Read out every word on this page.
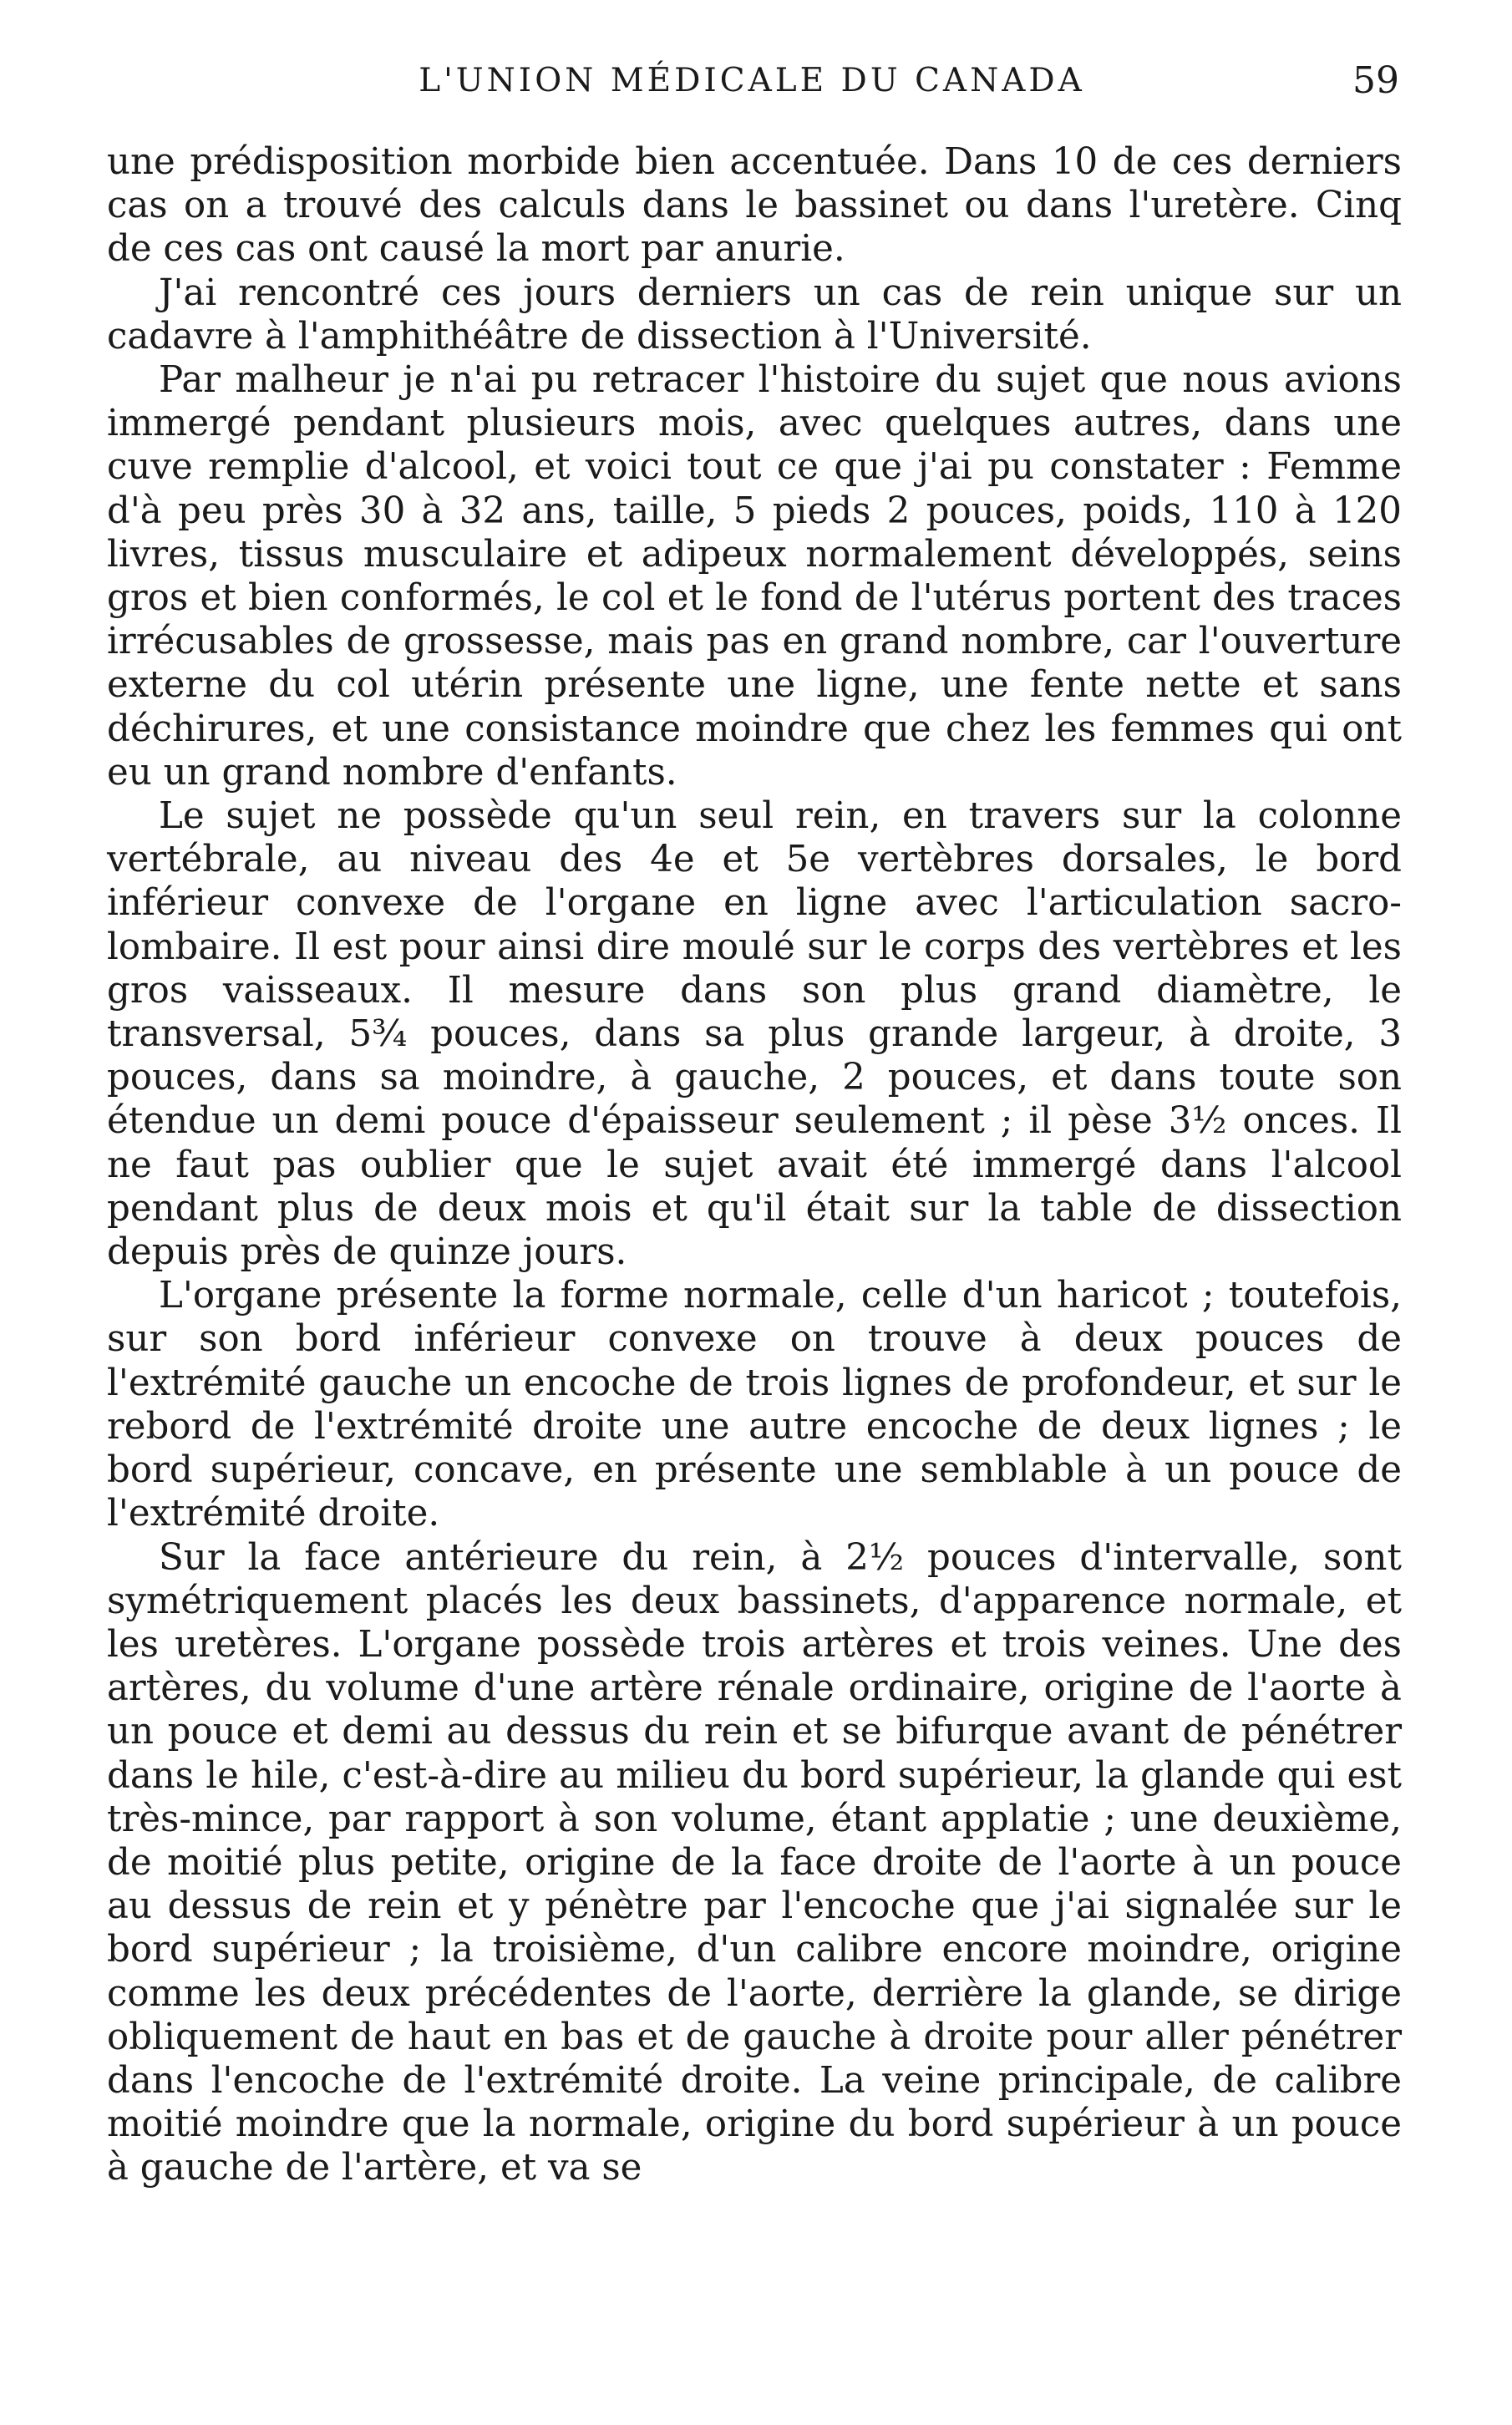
L'UNION MÉDICALE DU CANADA	59

une prédisposition morbide bien accentuée. Dans 10 de ces derniers cas on a trouvé des calculs dans le bassinet ou dans l'uretère. Cinq de ces cas ont causé la mort par anurie.

J'ai rencontré ces jours derniers un cas de rein unique sur un cadavre à l'amphithéâtre de dissection à l'Université.

Par malheur je n'ai pu retracer l'histoire du sujet que nous avions immergé pendant plusieurs mois, avec quelques autres, dans une cuve remplie d'alcool, et voici tout ce que j'ai pu constater : Femme d'à peu près 30 à 32 ans, taille, 5 pieds 2 pouces, poids, 110 à 120 livres, tissus musculaire et adipeux normalement développés, seins gros et bien conformés, le col et le fond de l'utérus portent des traces irrécusables de grossesse, mais pas en grand nombre, car l'ouverture externe du col utérin présente une ligne, une fente nette et sans déchirures, et une consistance moindre que chez les femmes qui ont eu un grand nombre d'enfants.

Le sujet ne possède qu'un seul rein, en travers sur la colonne vertébrale, au niveau des 4e et 5e vertèbres dorsales, le bord inférieur convexe de l'organe en ligne avec l'articulation sacro-lombaire. Il est pour ainsi dire moulé sur le corps des vertèbres et les gros vaisseaux. Il mesure dans son plus grand diamètre, le transversal, 5¾ pouces, dans sa plus grande largeur, à droite, 3 pouces, dans sa moindre, à gauche, 2 pouces, et dans toute son étendue un demi pouce d'épaisseur seulement ; il pèse 3½ onces. Il ne faut pas oublier que le sujet avait été immergé dans l'alcool pendant plus de deux mois et qu'il était sur la table de dissection depuis près de quinze jours.

L'organe présente la forme normale, celle d'un haricot ; toutefois, sur son bord inférieur convexe on trouve à deux pouces de l'extrémité gauche un encoche de trois lignes de profondeur, et sur le rebord de l'extrémité droite une autre encoche de deux lignes ; le bord supérieur, concave, en présente une semblable à un pouce de l'extrémité droite.

Sur la face antérieure du rein, à 2½ pouces d'intervalle, sont symétriquement placés les deux bassinets, d'apparence normale, et les uretères. L'organe possède trois artères et trois veines. Une des artères, du volume d'une artère rénale ordinaire, origine de l'aorte à un pouce et demi au dessus du rein et se bifurque avant de pénétrer dans le hile, c'est-à-dire au milieu du bord supérieur, la glande qui est très-mince, par rapport à son volume, étant applatie ; une deuxième, de moitié plus petite, origine de la face droite de l'aorte à un pouce au dessus de rein et y pénètre par l'encoche que j'ai signalée sur le bord supérieur ; la troisième, d'un calibre encore moindre, origine comme les deux précédentes de l'aorte, derrière la glande, se dirige obliquement de haut en bas et de gauche à droite pour aller pénétrer dans l'encoche de l'extrémité droite. La veine principale, de calibre moitié moindre que la normale, origine du bord supérieur à un pouce à gauche de l'artère, et va se
